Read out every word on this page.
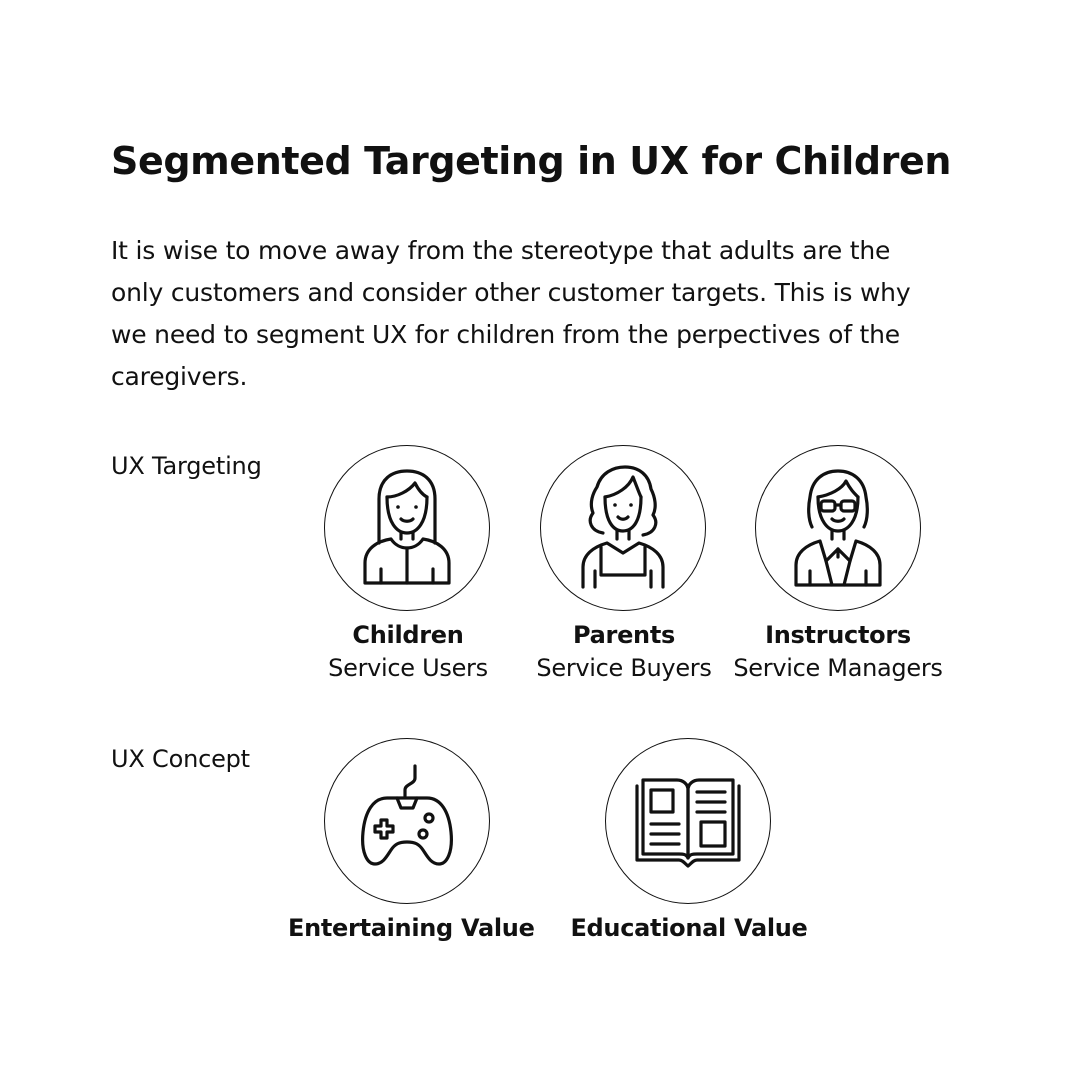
Segmented Targeting in UX for Children

It is wise to move away from the stereotype that adults are the only customers and consider other customer targets. This is why we need to segment UX for children from the perpectives of the caregivers.

UX Targeting
Children
Service Users
Parents
Service Buyers
Instructors
Service Managers
UX Concept
Entertaining Value Educational Value
